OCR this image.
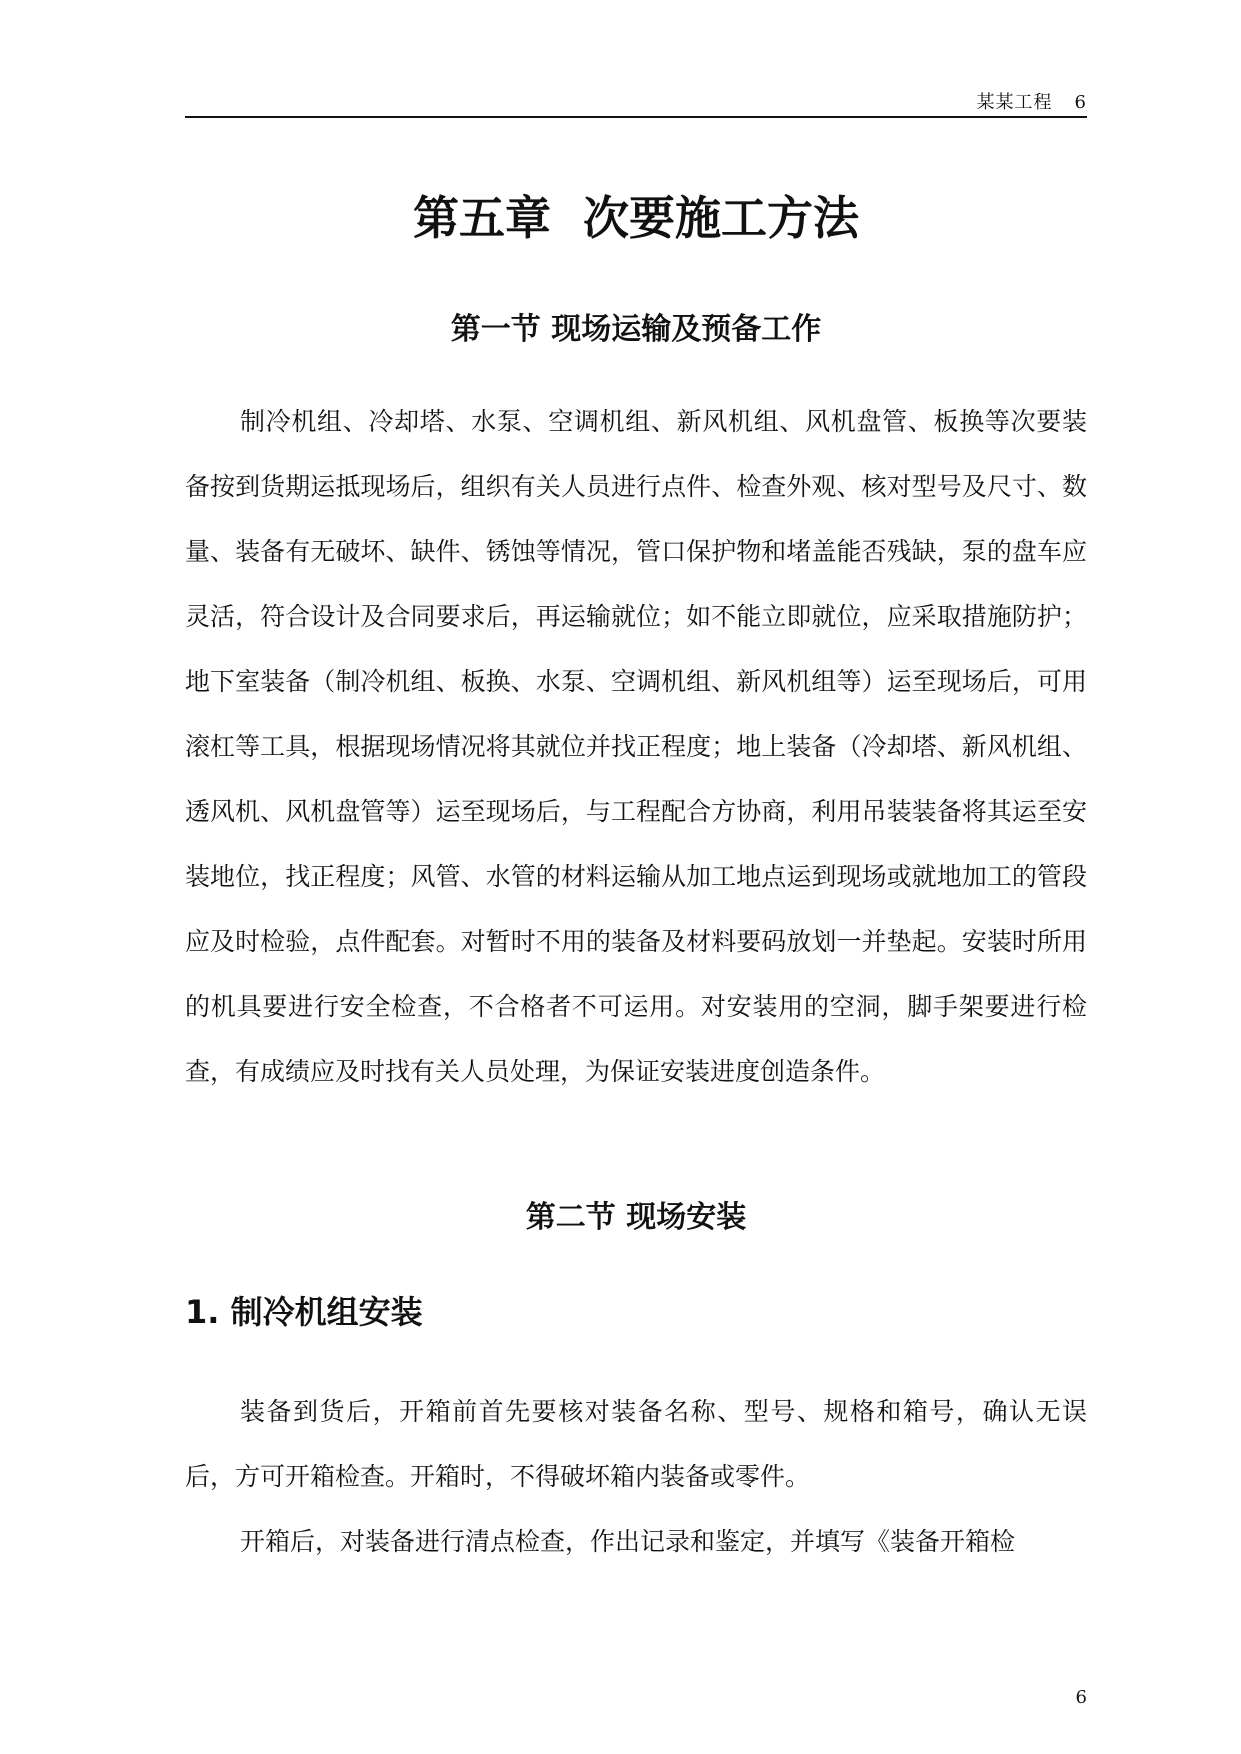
某某工程 6
第五章  次要施工方法
第一节 现场运输及预备工作

制冷机组、冷却塔、水泵、空调机组、新风机组、风机盘管、板换等次要装备按到货期运抵现场后，组织有关人员进行点件、检查外观、核对型号及尺寸、数量、装备有无破坏、缺件、锈蚀等情况，管口保护物和堵盖能否残缺，泵的盘车应灵活，符合设计及合同要求后，再运输就位；如不能立即就位，应采取措施防护；地下室装备（制冷机组、板换、水泵、空调机组、新风机组等）运至现场后，可用滚杠等工具，根据现场情况将其就位并找正程度；地上装备（冷却塔、新风机组、透风机、风机盘管等）运至现场后，与工程配合方协商，利用吊装装备将其运至安装地位，找正程度；风管、水管的材料运输从加工地点运到现场或就地加工的管段应及时检验，点件配套。对暂时不用的装备及材料要码放划一并垫起。安装时所用的机具要进行安全检查，不合格者不可运用。对安装用的空洞，脚手架要进行检查，有成绩应及时找有关人员处理，为保证安装进度创造条件。

第二节 现场安装
1. 制冷机组安装

装备到货后，开箱前首先要核对装备名称、型号、规格和箱号，确认无误后，方可开箱检查。开箱时，不得破坏箱内装备或零件。

开箱后，对装备进行清点检查，作出记录和鉴定，并填写《装备开箱检

6
